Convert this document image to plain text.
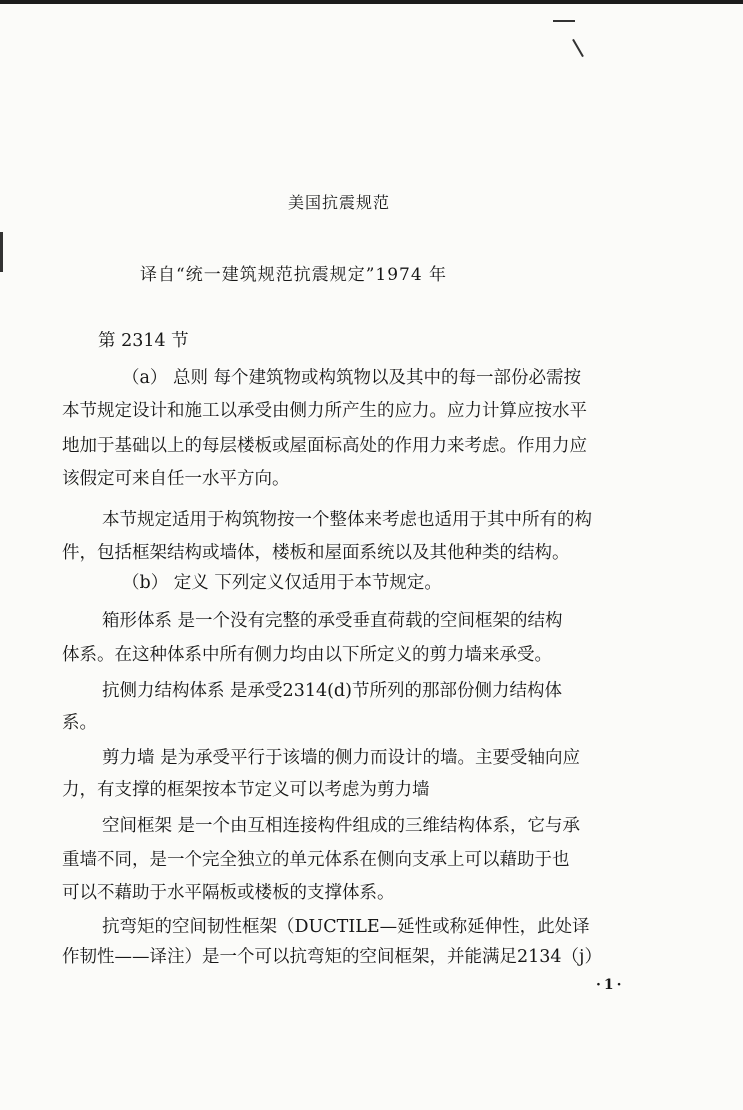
美国抗震规范
译自“统一建筑规范抗震规定”1974 年
第 2314 节
（a） 总则 每个建筑物或构筑物以及其中的每一部份必需按
本节规定设计和施工以承受由侧力所产生的应力。应力计算应按水平
地加于基础以上的每层楼板或屋面标高处的作用力来考虑。作用力应
该假定可来自任一水平方向。
本节规定适用于构筑物按一个整体来考虑也适用于其中所有的构
件，包括框架结构或墙体，楼板和屋面系统以及其他种类的结构。
（b） 定义 下列定义仅适用于本节规定。
箱形体系 是一个没有完整的承受垂直荷载的空间框架的结构
体系。在这种体系中所有侧力均由以下所定义的剪力墙来承受。
抗侧力结构体系 是承受2314(d)节所列的那部份侧力结构体
系。
剪力墙 是为承受平行于该墙的侧力而设计的墙。主要受轴向应
力，有支撑的框架按本节定义可以考虑为剪力墙
空间框架 是一个由互相连接构件组成的三维结构体系，它与承
重墙不同，是一个完全独立的单元体系在侧向支承上可以藉助于也
可以不藉助于水平隔板或楼板的支撑体系。
抗弯矩的空间韧性框架（DUCTILE—延性或称延伸性，此处译
作韧性——译注）是一个可以抗弯矩的空间框架，并能满足2134（j）
·1·
